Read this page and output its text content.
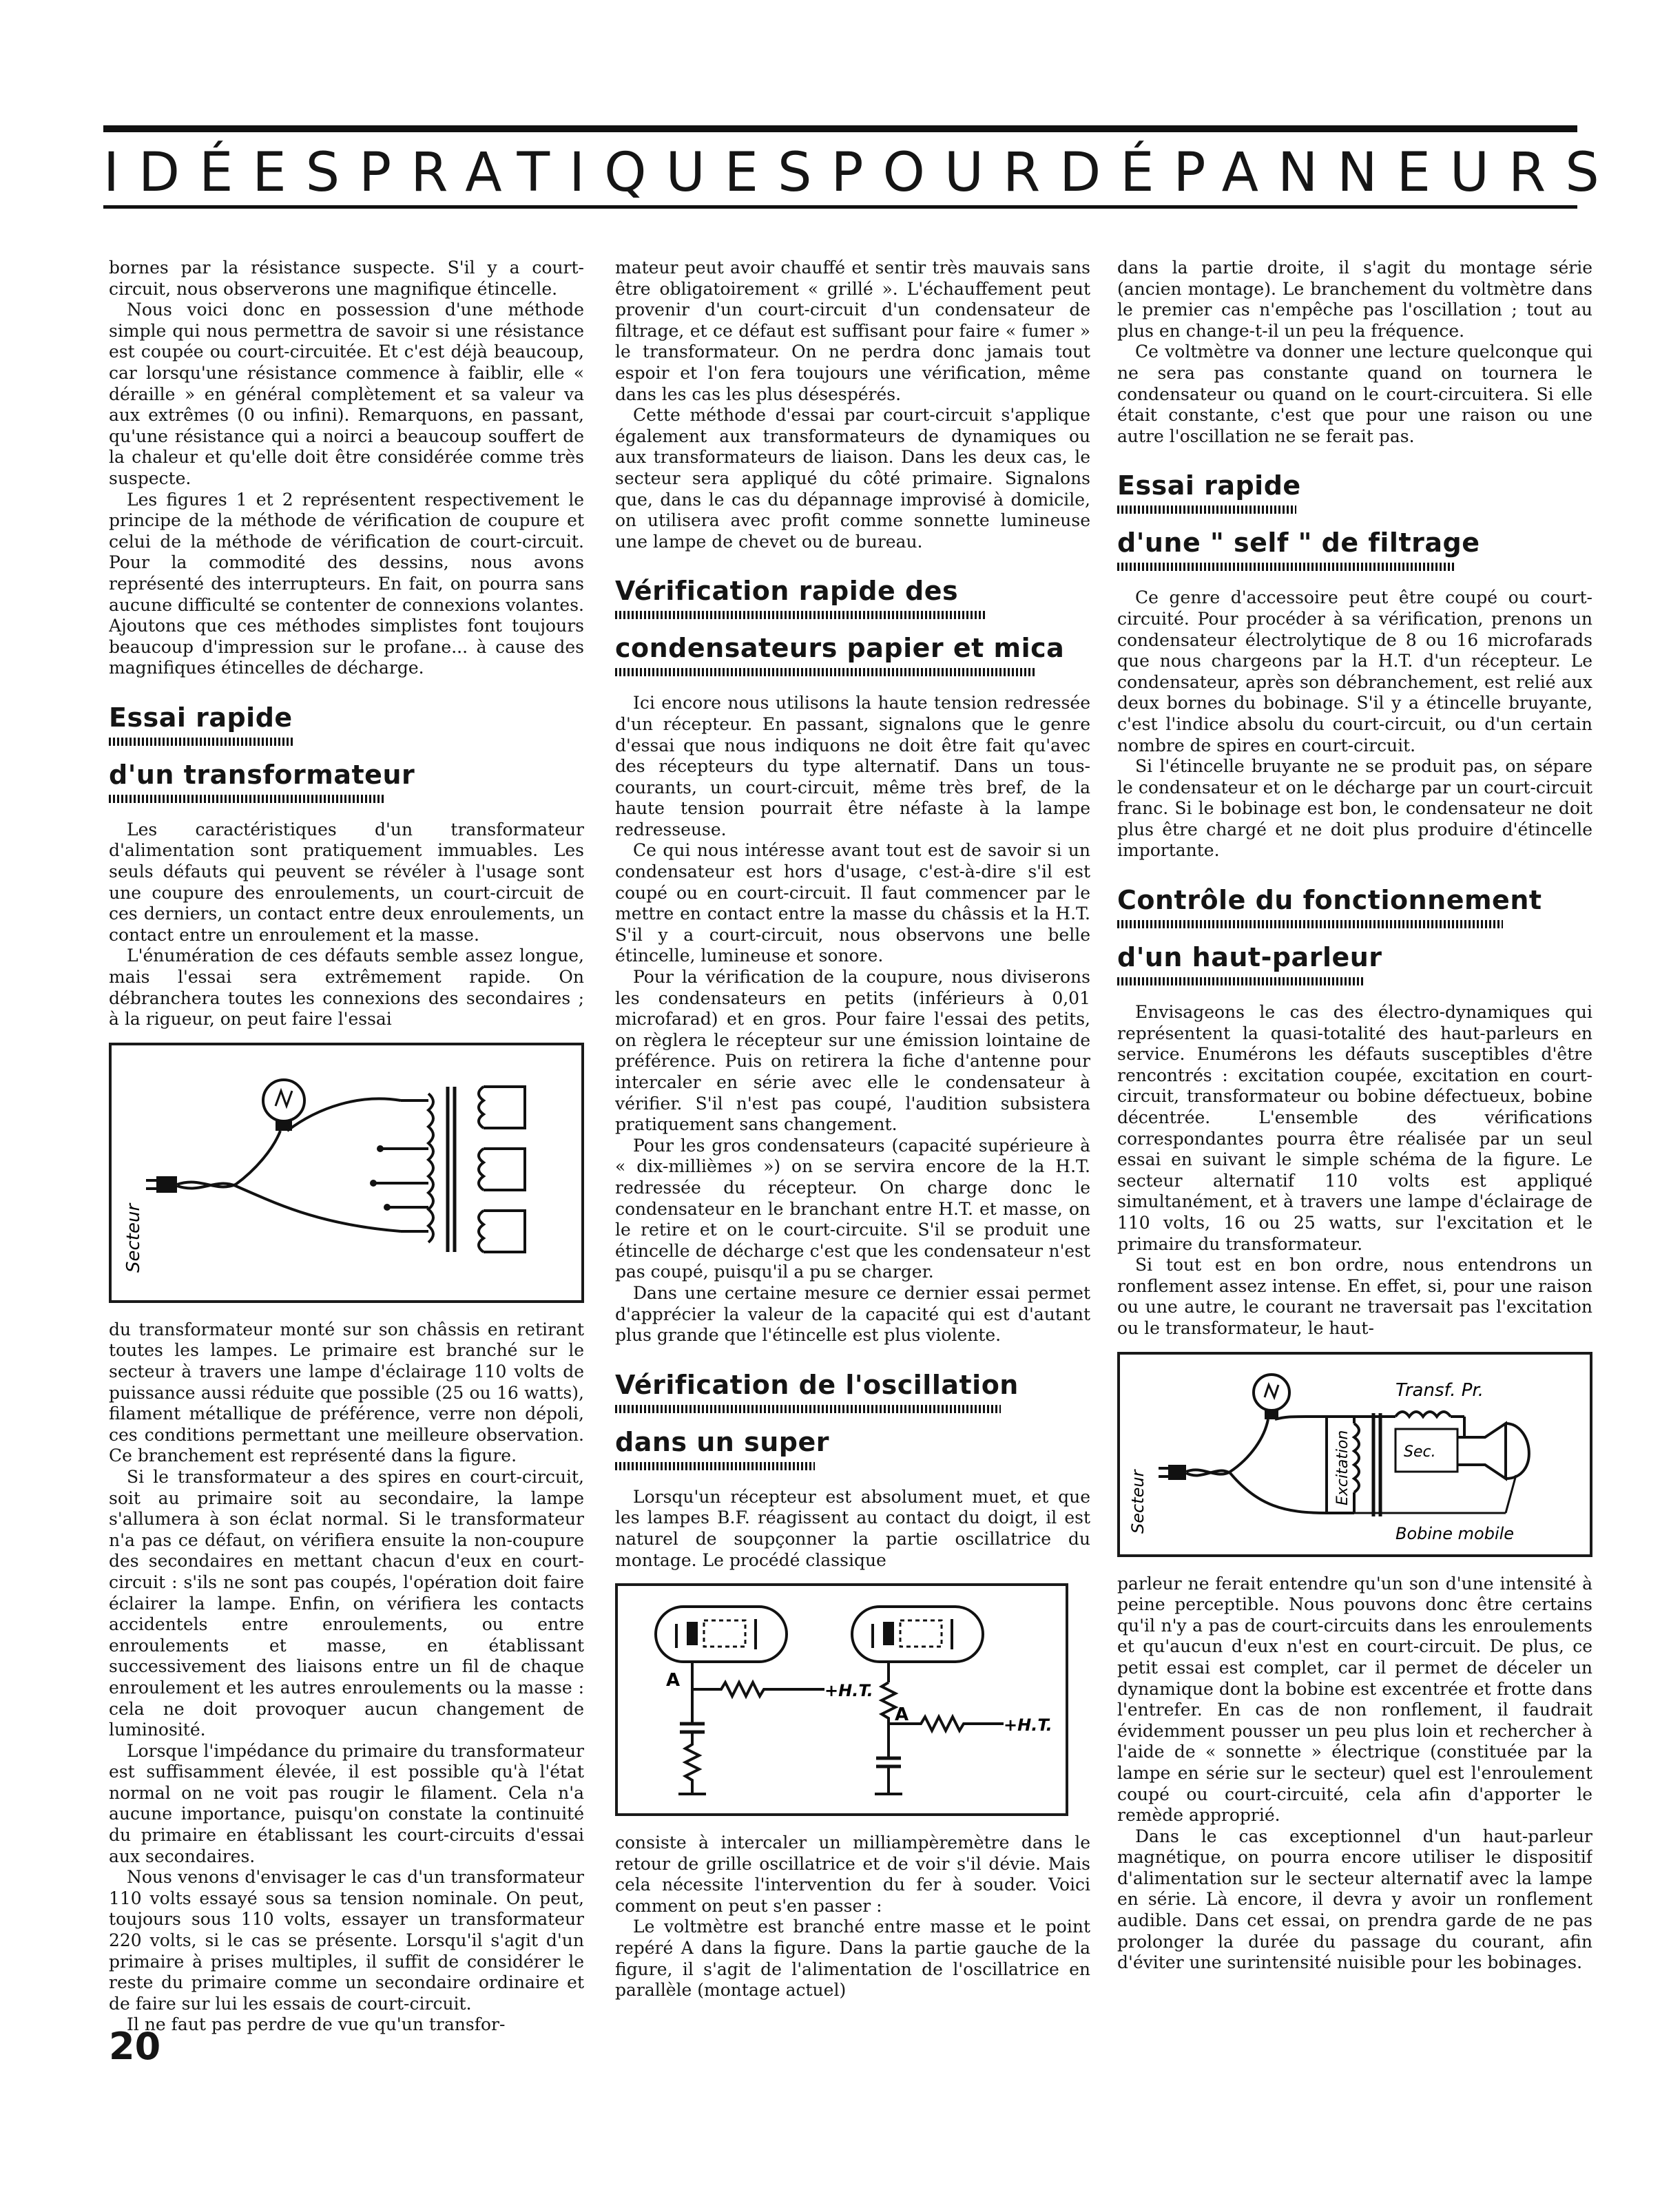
IDÉES PRATIQUES POUR DÉPANNEURS

bornes par la résistance suspecte. S'il y a court-circuit, nous observerons une magnifique étincelle.

Nous voici donc en possession d'une méthode simple qui nous permettra de savoir si une résistance est coupée ou court-circuitée. Et c'est déjà beaucoup, car lorsqu'une résistance commence à faiblir, elle « déraille » en général complètement et sa valeur va aux extrêmes (0 ou infini). Remarquons, en passant, qu'une résistance qui a noirci a beaucoup souffert de la chaleur et qu'elle doit être considérée comme très suspecte.

Les figures 1 et 2 représentent respectivement le principe de la méthode de vérification de coupure et celui de la méthode de vérification de court-circuit. Pour la commodité des dessins, nous avons représenté des interrupteurs. En fait, on pourra sans aucune difficulté se contenter de connexions volantes. Ajoutons que ces méthodes simplistes font toujours beaucoup d'impression sur le profane... à cause des magnifiques étincelles de décharge.

Essai rapide
d'un transformateur

Les caractéristiques d'un transformateur d'alimentation sont pratiquement immuables. Les seuls défauts qui peuvent se révéler à l'usage sont une coupure des enroulements, un court-circuit de ces derniers, un contact entre deux enroulements, un contact entre un enroulement et la masse.

L'énumération de ces défauts semble assez longue, mais l'essai sera extrêmement rapide. On débranchera toutes les connexions des secondaires ; à la rigueur, on peut faire l'essai

Secteur

du transformateur monté sur son châssis en retirant toutes les lampes. Le primaire est branché sur le secteur à travers une lampe d'éclairage 110 volts de puissance aussi réduite que possible (25 ou 16 watts), filament métallique de préférence, verre non dépoli, ces conditions permettant une meilleure observation. Ce branchement est représenté dans la figure.

Si le transformateur a des spires en court-circuit, soit au primaire soit au secondaire, la lampe s'allumera à son éclat normal. Si le transformateur n'a pas ce défaut, on vérifiera ensuite la non-coupure des secondaires en mettant chacun d'eux en court-circuit : s'ils ne sont pas coupés, l'opération doit faire éclairer la lampe. Enfin, on vérifiera les contacts accidentels entre enroulements, ou entre enroulements et masse, en établissant successivement des liaisons entre un fil de chaque enroulement et les autres enroulements ou la masse : cela ne doit provoquer aucun changement de luminosité.

Lorsque l'impédance du primaire du transformateur est suffisamment élevée, il est possible qu'à l'état normal on ne voit pas rougir le filament. Cela n'a aucune importance, puisqu'on constate la continuité du primaire en établissant les court-circuits d'essai aux secondaires.

Nous venons d'envisager le cas d'un transformateur 110 volts essayé sous sa tension nominale. On peut, toujours sous 110 volts, essayer un transformateur 220 volts, si le cas se présente. Lorsqu'il s'agit d'un primaire à prises multiples, il suffit de considérer le reste du primaire comme un secondaire ordinaire et de faire sur lui les essais de court-circuit.

Il ne faut pas perdre de vue qu'un transfor-

mateur peut avoir chauffé et sentir très mauvais sans être obligatoirement « grillé ». L'échauffement peut provenir d'un court-circuit d'un condensateur de filtrage, et ce défaut est suffisant pour faire « fumer » le transformateur. On ne perdra donc jamais tout espoir et l'on fera toujours une vérification, même dans les cas les plus désespérés.

Cette méthode d'essai par court-circuit s'applique également aux transformateurs de dynamiques ou aux transformateurs de liaison. Dans les deux cas, le secteur sera appliqué du côté primaire. Signalons que, dans le cas du dépannage improvisé à domicile, on utilisera avec profit comme sonnette lumineuse une lampe de chevet ou de bureau.

Vérification rapide des
condensateurs papier et mica

Ici encore nous utilisons la haute tension redressée d'un récepteur. En passant, signalons que le genre d'essai que nous indiquons ne doit être fait qu'avec des récepteurs du type alternatif. Dans un tous-courants, un court-circuit, même très bref, de la haute tension pourrait être néfaste à la lampe redresseuse.

Ce qui nous intéresse avant tout est de savoir si un condensateur est hors d'usage, c'est-à-dire s'il est coupé ou en court-circuit. Il faut commencer par le mettre en contact entre la masse du châssis et la H.T. S'il y a court-circuit, nous observons une belle étincelle, lumineuse et sonore.

Pour la vérification de la coupure, nous diviserons les condensateurs en petits (inférieurs à 0,01 microfarad) et en gros. Pour faire l'essai des petits, on règlera le récepteur sur une émission lointaine de préférence. Puis on retirera la fiche d'antenne pour intercaler en série avec elle le condensateur à vérifier. S'il n'est pas coupé, l'audition subsistera pratiquement sans changement.

Pour les gros condensateurs (capacité supérieure à « dix-millièmes ») on se servira encore de la H.T. redressée du récepteur. On charge donc le condensateur en le branchant entre H.T. et masse, on le retire et on le court-circuite. S'il se produit une étincelle de décharge c'est que les condensateur n'est pas coupé, puisqu'il a pu se charger.

Dans une certaine mesure ce dernier essai permet d'apprécier la valeur de la capacité qui est d'autant plus grande que l'étincelle est plus violente.

Vérification de l'oscillation
dans un super

Lorsqu'un récepteur est absolument muet, et que les lampes B.F. réagissent au contact du doigt, il est naturel de soupçonner la partie oscillatrice du montage. Le procédé classique

A	+H.T.
A	+H.T.

consiste à intercaler un milliampèremètre dans le retour de grille oscillatrice et de voir s'il dévie. Mais cela nécessite l'intervention du fer à souder. Voici comment on peut s'en passer :

Le voltmètre est branché entre masse et le point repéré A dans la figure. Dans la partie gauche de la figure, il s'agit de l'alimentation de l'oscillatrice en parallèle (montage actuel)

dans la partie droite, il s'agit du montage série (ancien montage). Le branchement du voltmètre dans le premier cas n'empêche pas l'oscillation ; tout au plus en change-t-il un peu la fréquence.

Ce voltmètre va donner une lecture quelconque qui ne sera pas constante quand on tournera le condensateur ou quand on le court-circuitera. Si elle était constante, c'est que pour une raison ou une autre l'oscillation ne se ferait pas.

Essai rapide
d'une " self " de filtrage

Ce genre d'accessoire peut être coupé ou court-circuité. Pour procéder à sa vérification, prenons un condensateur électrolytique de 8 ou 16 microfarads que nous chargeons par la H.T. d'un récepteur. Le condensateur, après son débranchement, est relié aux deux bornes du bobinage. S'il y a étincelle bruyante, c'est l'indice absolu du court-circuit, ou d'un certain nombre de spires en court-circuit.

Si l'étincelle bruyante ne se produit pas, on sépare le condensateur et on le décharge par un court-circuit franc. Si le bobinage est bon, le condensateur ne doit plus être chargé et ne doit plus produire d'étincelle importante.

Contrôle du fonctionnement
d'un haut-parleur

Envisageons le cas des électro-dynamiques qui représentent la quasi-totalité des haut-parleurs en service. Enumérons les défauts susceptibles d'être rencontrés : excitation coupée, excitation en court-circuit, transformateur ou bobine défectueux, bobine décentrée. L'ensemble des vérifications correspondantes pourra être réalisée par un seul essai en suivant le simple schéma de la figure. Le secteur alternatif 110 volts est appliqué simultanément, et à travers une lampe d'éclairage de 110 volts, 16 ou 25 watts, sur l'excitation et le primaire du transformateur.

Si tout est en bon ordre, nous entendrons un ronflement assez intense. En effet, si, pour une raison ou une autre, le courant ne traversait pas l'excitation ou le transformateur, le haut-

Secteur	Excitation
Transf. Pr.
Sec.
Bobine mobile

parleur ne ferait entendre qu'un son d'une intensité à peine perceptible. Nous pouvons donc être certains qu'il n'y a pas de court-circuits dans les enroulements et qu'aucun d'eux n'est en court-circuit. De plus, ce petit essai est complet, car il permet de déceler un dynamique dont la bobine est excentrée et frotte dans l'entrefer. En cas de non ronflement, il faudrait évidemment pousser un peu plus loin et rechercher à l'aide de « sonnette » électrique (constituée par la lampe en série sur le secteur) quel est l'enroulement coupé ou court-circuité, cela afin d'apporter le remède approprié.

Dans le cas exceptionnel d'un haut-parleur magnétique, on pourra encore utiliser le dispositif d'alimentation sur le secteur alternatif avec la lampe en série. Là encore, il devra y avoir un ronflement audible. Dans cet essai, on prendra garde de ne pas prolonger la durée du passage du courant, afin d'éviter une surintensité nuisible pour les bobinages.

20
